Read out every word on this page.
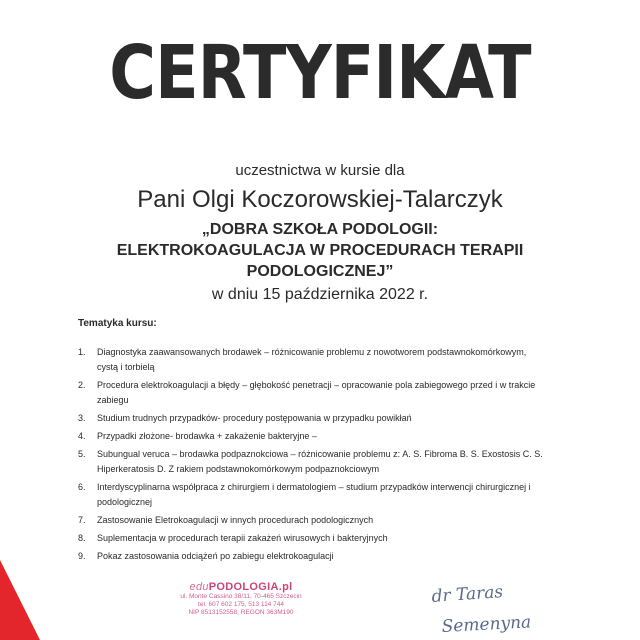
CERTYFIKAT
uczestnictwa w kursie dla
Pani Olgi Koczorowskiej-Talarczyk
„DOBRA SZKOŁA PODOLOGII:
ELEKTROKOAGULACJA W PROCEDURACH TERAPII
PODOLOGICZNEJ”
w dniu 15 października 2022 r.
Tematyka kursu:
1. Diagnostyka zaawansowanych brodawek – różnicowanie problemu z nowotworem podstawnokomórkowym,
cystą i torbielą
2. Procedura elektrokoagulacji a błędy – głębokość penetracji – opracowanie pola zabiegowego przed i w trakcie
zabiegu
3. Studium trudnych przypadków- procedury postępowania w przypadku powikłań
4. Przypadki złożone- brodawka + zakażenie bakteryjne –
5. Subungual veruca – brodawka podpaznokciowa – różnicowanie problemu z: A. S. Fibroma B. S. Exostosis C. S.
Hiperkeratosis D. Z rakiem podstawnokomórkowym podpaznokciowym
6. Interdyscyplinarna współpraca z chirurgiem i dermatologiem – studium przypadków interwencji chirurgicznej i
podologicznej
7. Zastosowanie Eletrokoagulacji w innych procedurach podologicznych
8. Suplementacja w procedurach terapii zakażeń wirusowych i bakteryjnych
9. Pokaz zastosowania odciążeń po zabiegu elektrokoagulacji
eduPODOLOGIA.pl
ul. Monte Cassino 38/11, 70-465 Szczecin
tel. 607 602 175, 513 114 744
NIP 8513152558, REGON 363M190
dr Taras
Semenyna
